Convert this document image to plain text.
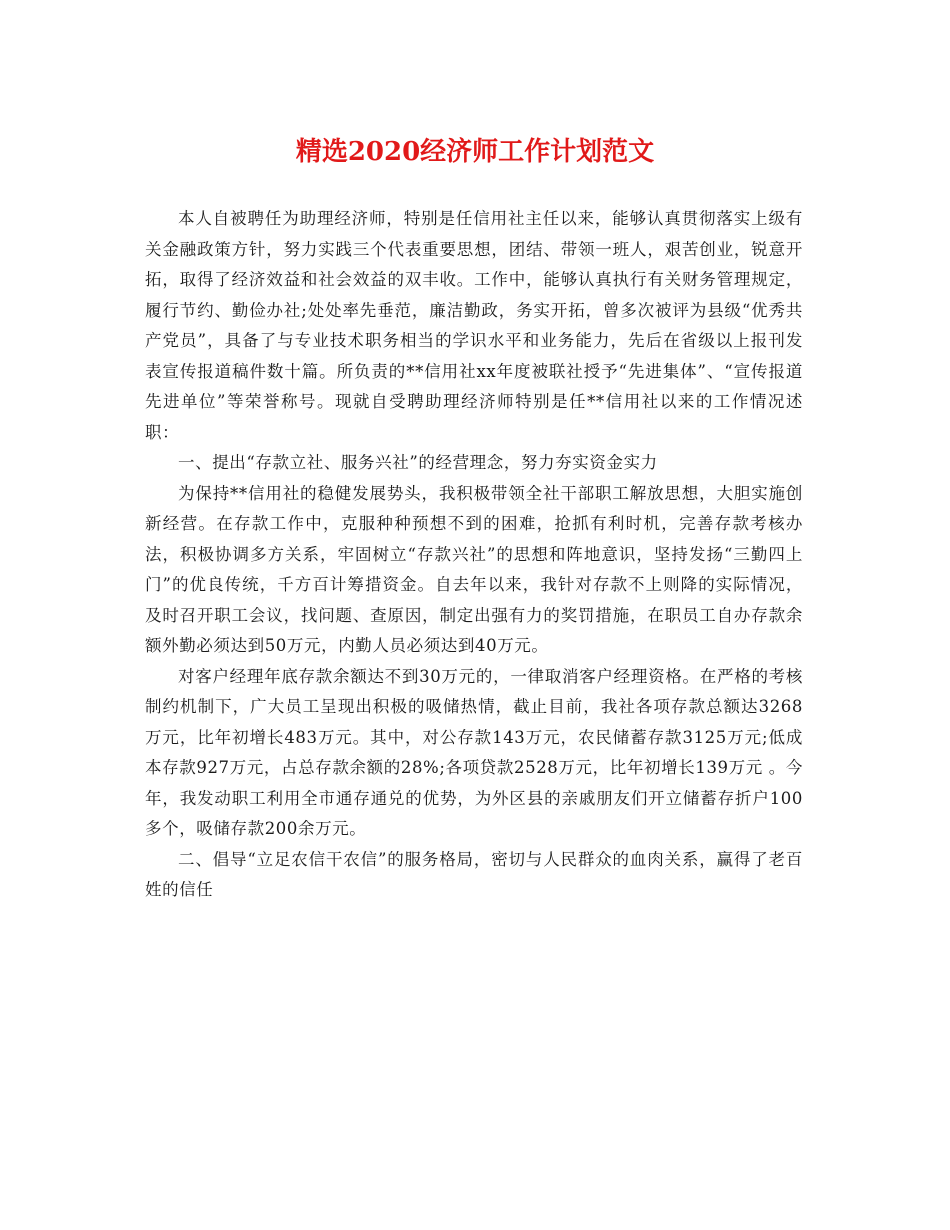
精选2020经济师工作计划范文

本人自被聘任为助理经济师，特别是任信用社主任以来，能够认真贯彻落实上级有关金融政策方针，努力实践三个代表重要思想，团结、带领一班人，艰苦创业，锐意开拓，取得了经济效益和社会效益的双丰收。工作中，能够认真执行有关财务管理规定，履行节约、勤俭办社;处处率先垂范，廉洁勤政，务实开拓，曾多次被评为县级“优秀共产党员”，具备了与专业技术职务相当的学识水平和业务能力，先后在省级以上报刊发表宣传报道稿件数十篇。所负责的**信用社xx年度被联社授予“先进集体”、“宣传报道先进单位”等荣誉称号。现就自受聘助理经济师特别是任**信用社以来的工作情况述职：

一、提出“存款立社、服务兴社”的经营理念，努力夯实资金实力

为保持**信用社的稳健发展势头，我积极带领全社干部职工解放思想，大胆实施创新经营。在存款工作中，克服种种预想不到的困难，抢抓有利时机，完善存款考核办法，积极协调多方关系，牢固树立“存款兴社”的思想和阵地意识，坚持发扬“三勤四上门”的优良传统，千方百计筹措资金。自去年以来，我针对存款不上则降的实际情况，及时召开职工会议，找问题、查原因，制定出强有力的奖罚措施，在职员工自办存款余额外勤必须达到50万元，内勤人员必须达到40万元。

对客户经理年底存款余额达不到30万元的，一律取消客户经理资格。在严格的考核制约机制下，广大员工呈现出积极的吸储热情，截止目前，我社各项存款总额达3268万元，比年初增长483万元。其中，对公存款143万元，农民储蓄存款3125万元;低成本存款927万元，占总存款余额的28%;各项贷款2528万元，比年初增长139万元 。今年，我发动职工利用全市通存通兑的优势，为外区县的亲戚朋友们开立储蓄存折户100多个，吸储存款200余万元。

二、倡导“立足农信干农信”的服务格局，密切与人民群众的血肉关系，赢得了老百姓的信任
